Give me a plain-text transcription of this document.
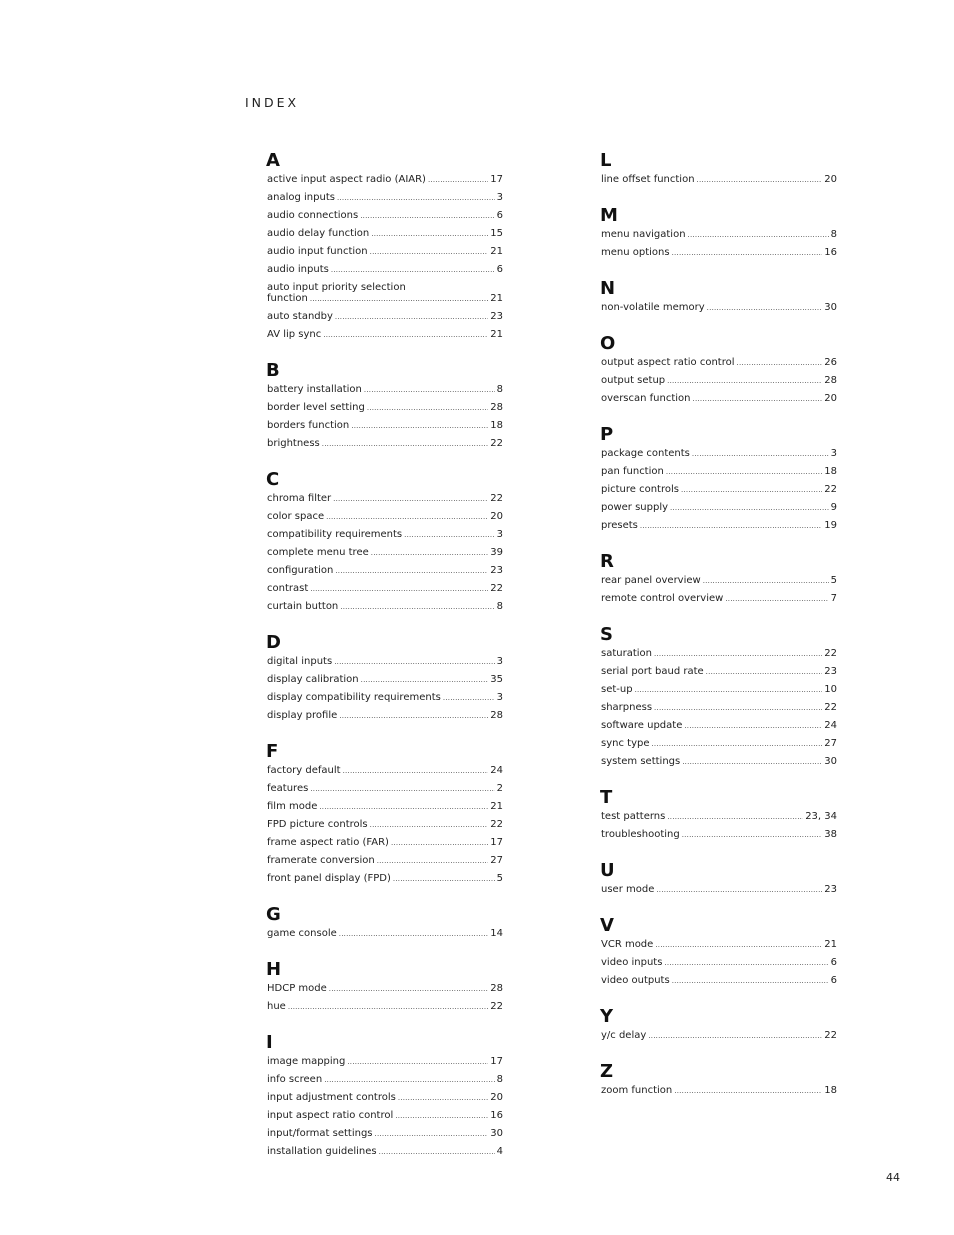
INDEX
A
active input aspect radio (AIAR) . . .	17
analog inputs . . .	3
audio connections . . .	6
audio delay function . . .	15
audio input function . . .	21
audio inputs . . .	6
auto input priority selection
function . . .	21
auto standby . . .	23
AV lip sync . . .	21
B
battery installation . . .	8
border level setting . . .	28
borders function . . .	18
brightness . . .	22
C
chroma filter . . .	22
color space . . .	20
compatibility requirements . . .	3
complete menu tree . . .	39
configuration . . .	23
contrast . . .	22
curtain button . . .	8
D
digital inputs . . .	3
display calibration . . .	35
display compatibility requirements . . .	3
display profile . . .	28
F
factory default . . .	24
features . . .	2
film mode . . .	21
FPD picture controls . . .	22
frame aspect ratio (FAR) . . .	17
framerate conversion . . .	27
front panel display (FPD) . . .	5
G
game console . . .	14
H
HDCP mode . . .	28
hue . . .	22
I
image mapping . . .	17
info screen . . .	8
input adjustment controls . . .	20
input aspect ratio control . . .	16
input/format settings . . .	30
installation guidelines . . .	4
L
line offset function . . .	20
M
menu navigation . . .	8
menu options . . .	16
N
non-volatile memory . . .	30
O
output aspect ratio control . . .	26
output setup . . .	28
overscan function . . .	20
P
package contents . . .	3
pan function . . .	18
picture controls . . .	22
power supply . . .	9
presets . . .	19
R
rear panel overview . . .	5
remote control overview . . .	7
S
saturation . . .	22
serial port baud rate . . .	23
set-up . . .	10
sharpness . . .	22
software update . . .	24
sync type . . .	27
system settings . . .	30
T
test patterns . . .	23, 34
troubleshooting . . .	38
U
user mode . . .	23
V
VCR mode . . .	21
video inputs . . .	6
video outputs . . .	6
Y
y/c delay . . .	22
Z
zoom function . . .	18
44
